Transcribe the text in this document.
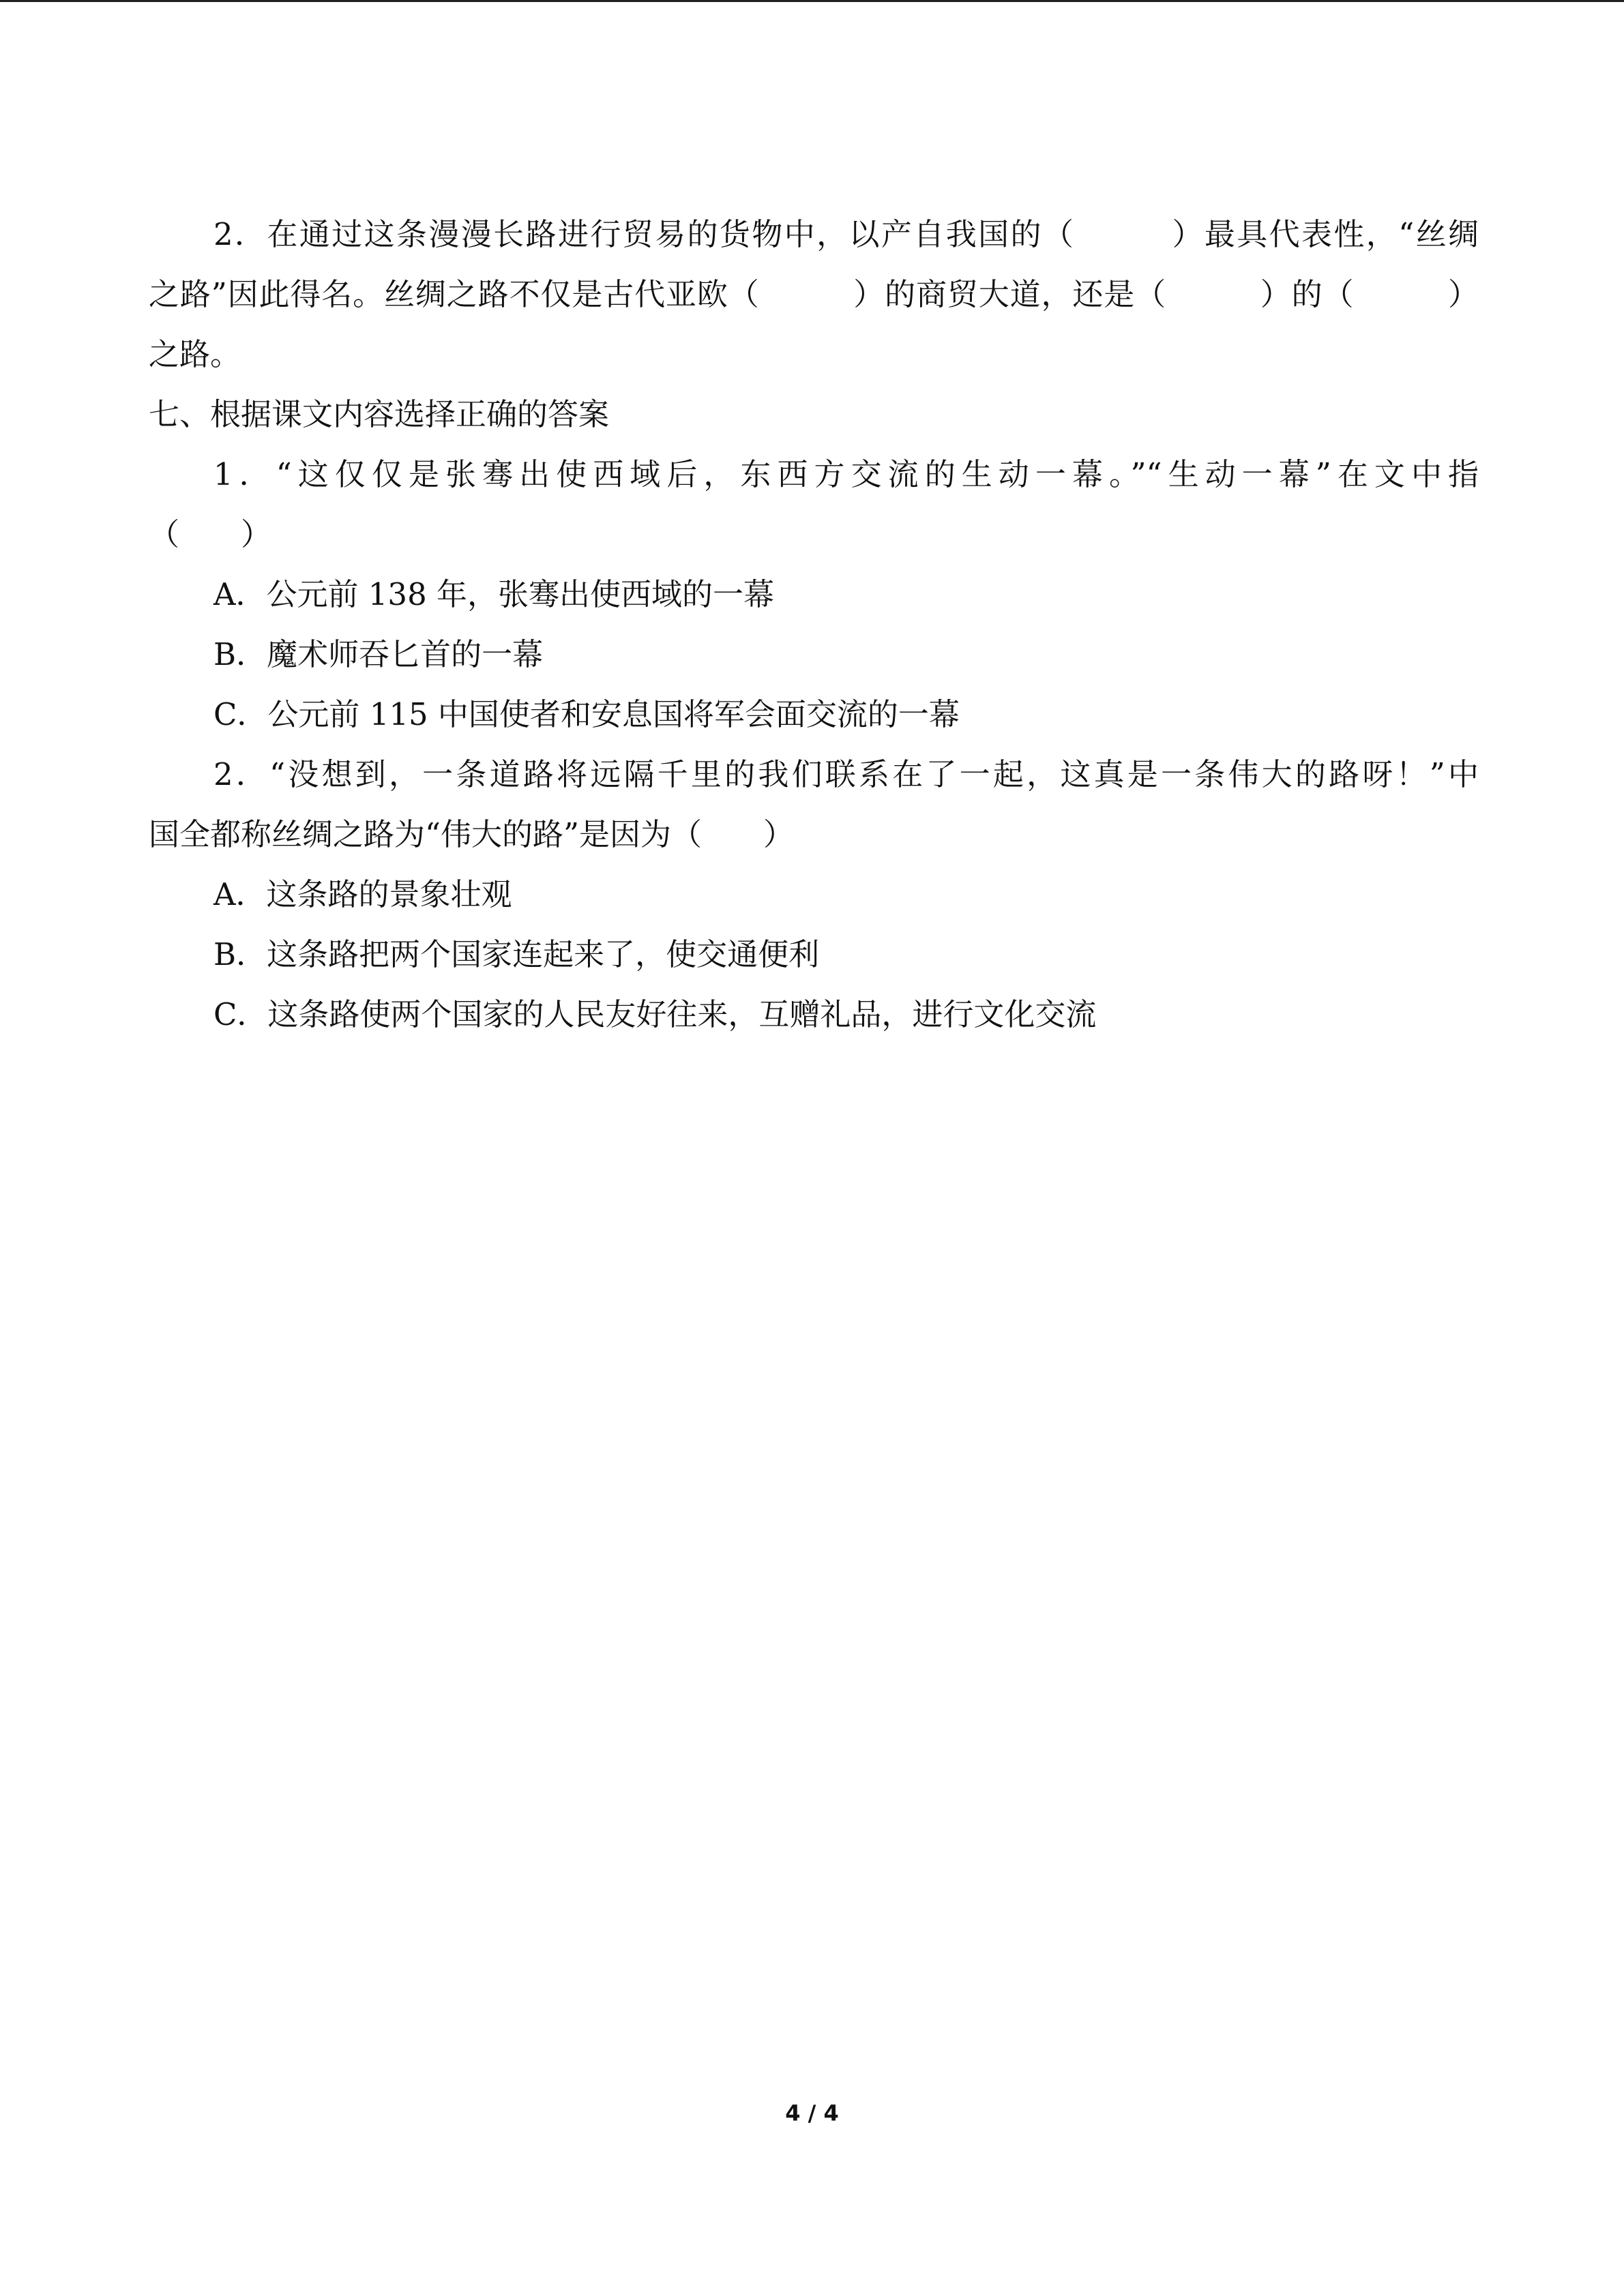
2．在通过这条漫漫长路进行贸易的货物中，以产自我国的（　　　）最具代表性，“丝绸
之路”因此得名。丝绸之路不仅是古代亚欧（　　　）的商贸大道，还是（　　　）的（　　　）
之路。
七、根据课文内容选择正确的答案
1．“这仅仅是张骞出使西域后，东西方交流的生动一幕。”“生动一幕”在文中指
（　　）
A．公元前 138 年，张骞出使西域的一幕
B．魔术师吞匕首的一幕
C．公元前 115 中国使者和安息国将军会面交流的一幕
2．“没想到，一条道路将远隔千里的我们联系在了一起，这真是一条伟大的路呀！”中
国全都称丝绸之路为“伟大的路”是因为（　　）
A．这条路的景象壮观
B．这条路把两个国家连起来了，使交通便利
C．这条路使两个国家的人民友好往来，互赠礼品，进行文化交流
4 / 4
